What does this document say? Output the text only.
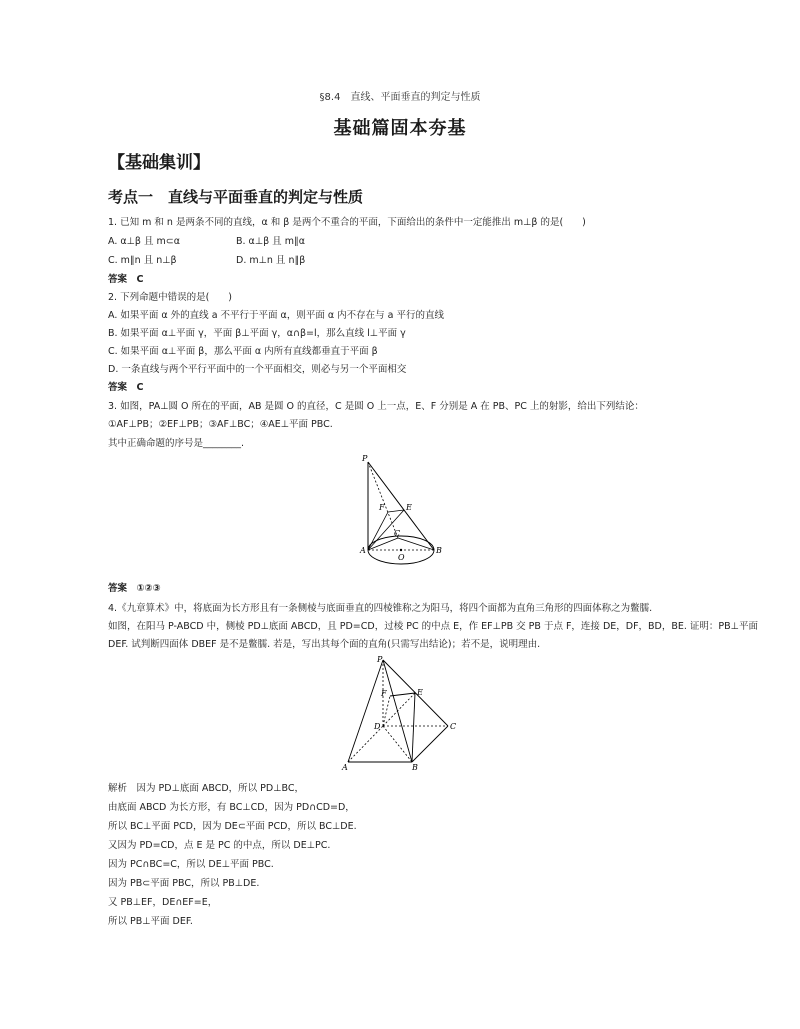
§8.4　直线、平面垂直的判定与性质
基础篇固本夯基
【基础集训】
考点一　直线与平面垂直的判定与性质
1. 已知 m 和 n 是两条不同的直线，α 和 β 是两个不重合的平面，下面给出的条件中一定能推出 m⊥β 的是(　　)
A. α⊥β 且 m⊂α	B. α⊥β 且 m∥α
C. m∥n 且 n⊥β	D. m⊥n 且 n∥β
答案　C
2. 下列命题中错误的是(　　)
A. 如果平面 α 外的直线 a 不平行于平面 α，则平面 α 内不存在与 a 平行的直线
B. 如果平面 α⊥平面 γ，平面 β⊥平面 γ，α∩β=l，那么直线 l⊥平面 γ
C. 如果平面 α⊥平面 β，那么平面 α 内所有直线都垂直于平面 β
D. 一条直线与两个平行平面中的一个平面相交，则必与另一个平面相交
答案　C
3. 如图，PA⊥圆 O 所在的平面，AB 是圆 O 的直径，C 是圆 O 上一点，E、F 分别是 A 在 PB、PC 上的射影，给出下列结论：
①AF⊥PB；②EF⊥PB；③AF⊥BC；④AE⊥平面 PBC.
其中正确命题的序号是________.
P
F	E
C
A
O
B
答案　①②③
4.《九章算术》中，将底面为长方形且有一条侧棱与底面垂直的四棱锥称之为阳马，将四个面都为直角三角形的四面体称之为鳖臑.
如图，在阳马 P-ABCD 中，侧棱 PD⊥底面 ABCD，且 PD=CD，过棱 PC 的中点 E，作 EF⊥PB 交 PB 于点 F，连接 DE，DF，BD，BE. 证明：PB⊥平面
DEF. 试判断四面体 DBEF 是不是鳖臑. 若是，写出其每个面的直角(只需写出结论)；若不是，说明理由.
P
E
F
D	C
A	B
解析　因为 PD⊥底面 ABCD，所以 PD⊥BC，
由底面 ABCD 为长方形，有 BC⊥CD，因为 PD∩CD=D，
所以 BC⊥平面 PCD，因为 DE⊂平面 PCD，所以 BC⊥DE.
又因为 PD=CD，点 E 是 PC 的中点，所以 DE⊥PC.
因为 PC∩BC=C，所以 DE⊥平面 PBC.
因为 PB⊂平面 PBC，所以 PB⊥DE.
又 PB⊥EF，DE∩EF=E，
所以 PB⊥平面 DEF.
